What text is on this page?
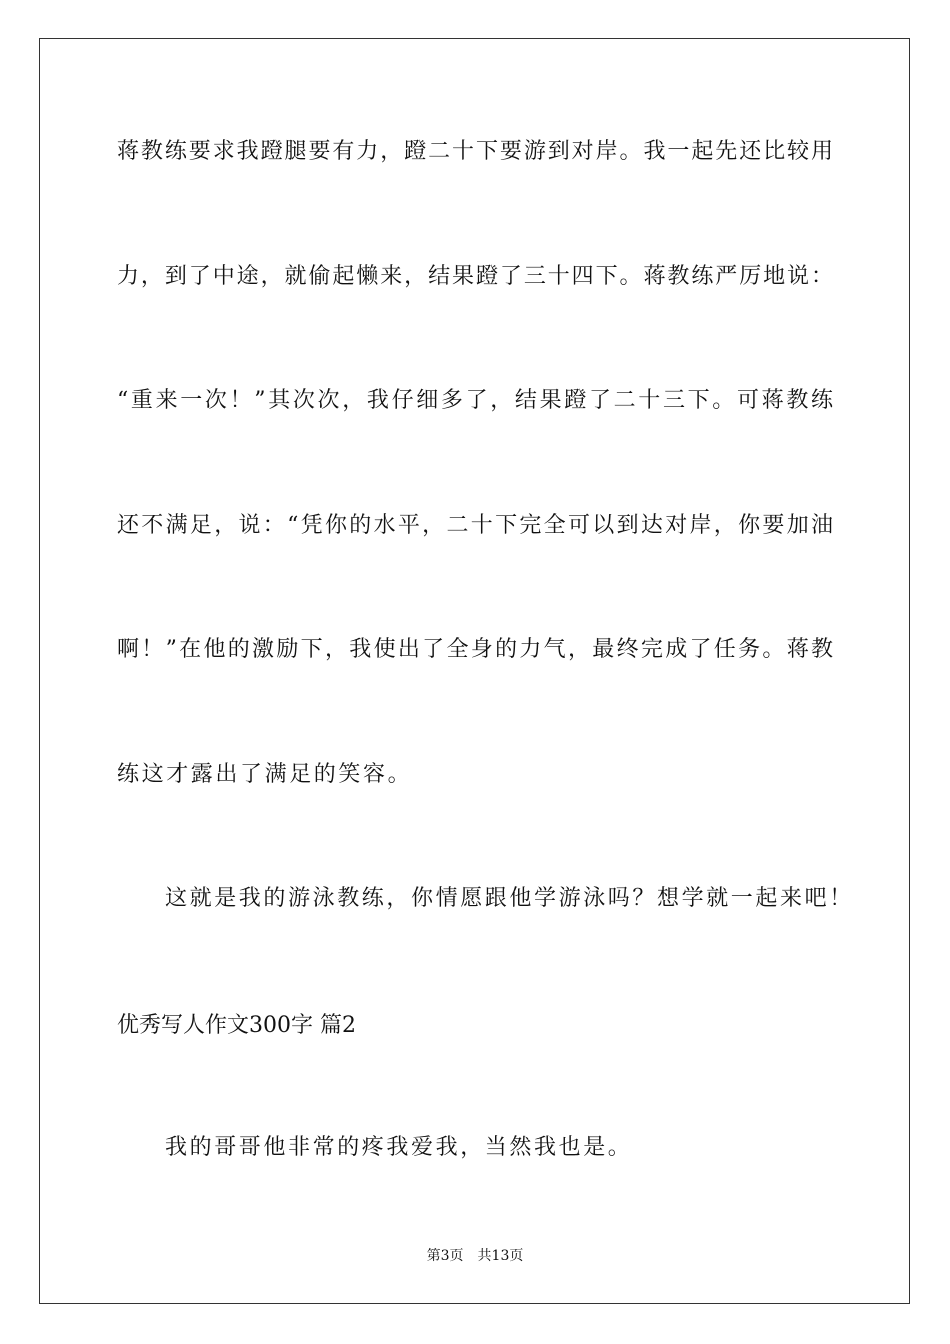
蒋教练要求我蹬腿要有力，蹬二十下要游到对岸。我一起先还比较用
力，到了中途，就偷起懒来，结果蹬了三十四下。蒋教练严厉地说：
“重来一次！”其次次，我仔细多了，结果蹬了二十三下。可蒋教练
还不满足，说：“凭你的水平，二十下完全可以到达对岸，你要加油
啊！”在他的激励下，我使出了全身的力气，最终完成了任务。蒋教
练这才露出了满足的笑容。
这就是我的游泳教练，你情愿跟他学游泳吗？想学就一起来吧！
优秀写人作文300字 篇2
我的哥哥他非常的疼我爱我，当然我也是。
第3页 共13页
